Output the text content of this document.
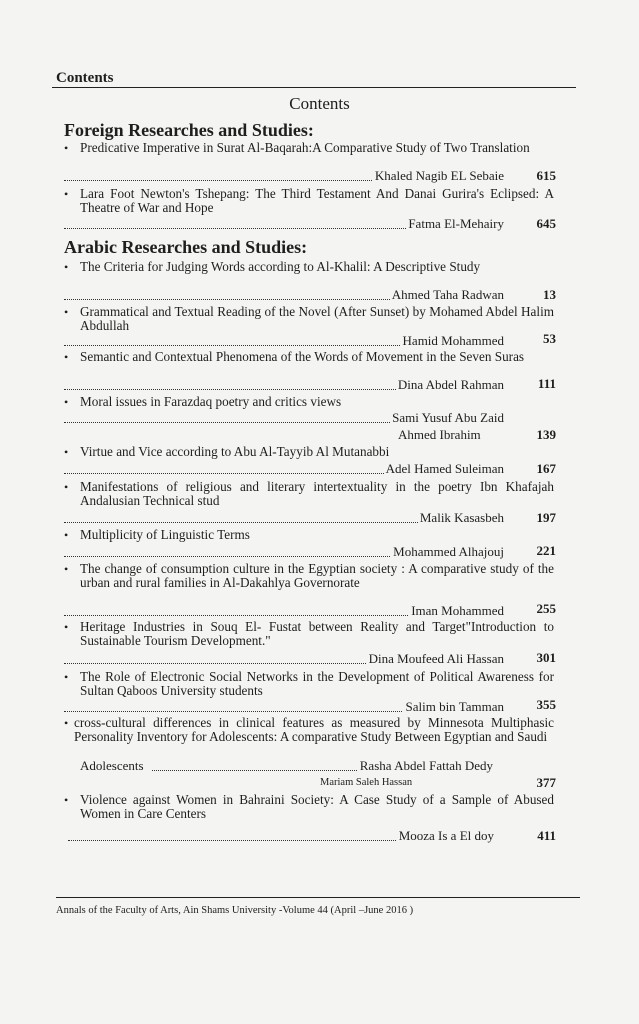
Contents
Contents
Foreign Researches and Studies:
• Predicative Imperative in Surat Al-Baqarah:A Comparative Study of Two Translation
Khaled Nagib EL Sebaie	615
• Lara Foot Newton's Tshepang: The Third Testament And Danai Gurira's Eclipsed: A Theatre of War and Hope
Fatma El-Mehairy	645
Arabic Researches and Studies:
• The Criteria for Judging Words according to Al-Khalil: A Descriptive Study
Ahmed Taha Radwan	13
• Grammatical and Textual Reading of the Novel (After Sunset) by Mohamed Abdel Halim Abdullah
Hamid Mohammed	53
• Semantic and Contextual Phenomena of the Words of Movement in the Seven Suras
Dina Abdel Rahman	111
• Moral issues in Farazdaq poetry and critics views
Sami Yusuf Abu Zaid
Ahmed Ibrahim	139
• Virtue and Vice according to Abu Al-Tayyib Al Mutanabbi
Adel Hamed Suleiman	167
• Manifestations of religious and literary intertextuality in the poetry Ibn Khafajah Andalusian Technical stud
Malik Kasasbeh	197
• Multiplicity of Linguistic Terms
Mohammed Alhajouj	221
• The change of consumption culture in the Egyptian society : A comparative study of the urban and rural families in Al-Dakahlya Governorate
Iman Mohammed	255
• Heritage Industries in Souq El- Fustat between Reality and Target"Introduction to Sustainable Tourism Development."
Dina Moufeed Ali Hassan	301
• The Role of Electronic Social Networks in the Development of Political Awareness for Sultan Qaboos University students
Salim bin Tamman	355
• cross-cultural differences in clinical features as measured by Minnesota Multiphasic Personality Inventory for Adolescents: A comparative Study Between Egyptian and Saudi
Adolescents	Rasha Abdel Fattah Dedy
Mariam Saleh Hassan	377
• Violence against Women in Bahraini Society: A Case Study of a Sample of Abused Women in Care Centers
Mooza Is a El doy	411
Annals of the Faculty of Arts, Ain Shams University -Volume 44 (April –June 2016 )
